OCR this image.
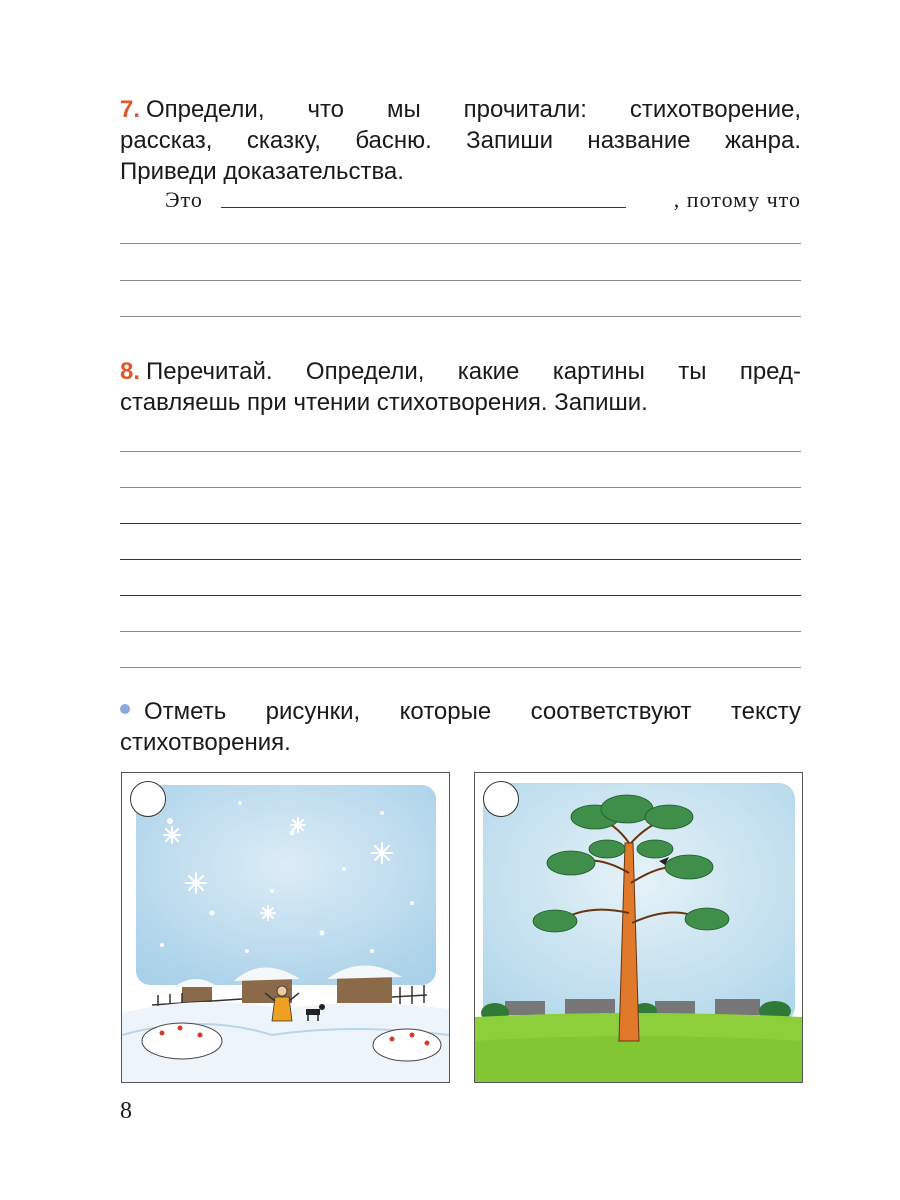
7. Определи, что мы прочитали: стихотворение,
рассказ, сказку, басню. Запиши название жанра.
Приведи доказательства.
Это	, потому что
8. Перечитай. Определи, какие картины ты пред-
ставляешь при чтении стихотворения. Запиши.
Отметь рисунки, которые соответствуют тексту
стихотворения.
8
